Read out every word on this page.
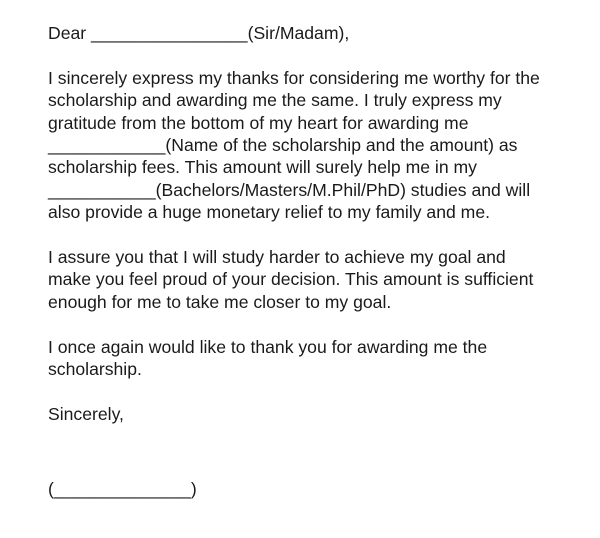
Dear ________________(Sir/Madam),
I sincerely express my thanks for considering me worthy for the
scholarship and awarding me the same. I truly express my
gratitude from the bottom of my heart for awarding me
____________(Name of the scholarship and the amount) as
scholarship fees. This amount will surely help me in my
___________(Bachelors/Masters/M.Phil/PhD) studies and will
also provide a huge monetary relief to my family and me.
I assure you that I will study harder to achieve my goal and
make you feel proud of your decision. This amount is sufficient
enough for me to take me closer to my goal.
I once again would like to thank you for awarding me the
scholarship.
Sincerely,
(______________)
